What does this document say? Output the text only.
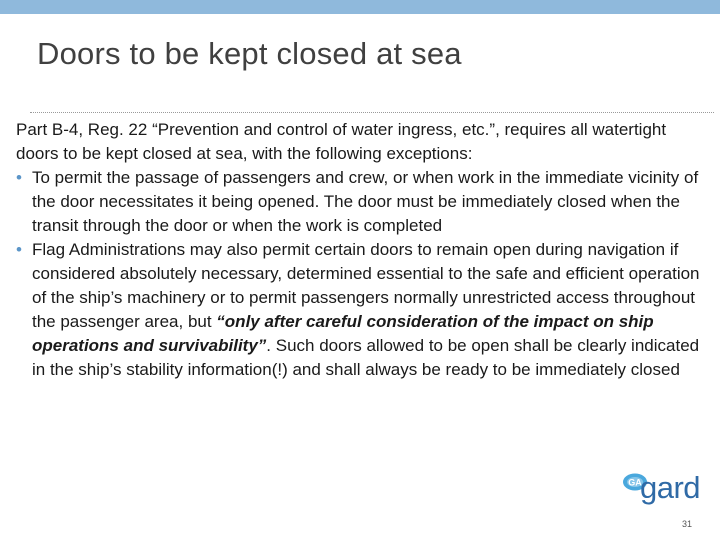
Doors to be kept closed at sea

Part B-4, Reg. 22 “Prevention and control of water ingress, etc.”, requires all watertight doors to be kept closed at sea, with the following exceptions:

• To permit the passage of passengers and crew, or when work in the immediate vicinity of the door necessitates it being opened. The door must be immediately closed when the transit through the door or when the work is completed
• Flag Administrations may also permit certain doors to remain open during navigation if considered absolutely necessary, determined essential to the safe and efficient operation of the ship’s machinery or to permit passengers normally unrestricted access throughout the passenger area, but “only after careful consideration of the impact on ship operations and survivability”. Such doors allowed to be open shall be clearly indicated in the ship’s stability information(!) and shall always be ready to be immediately closed
GA
gard
31
